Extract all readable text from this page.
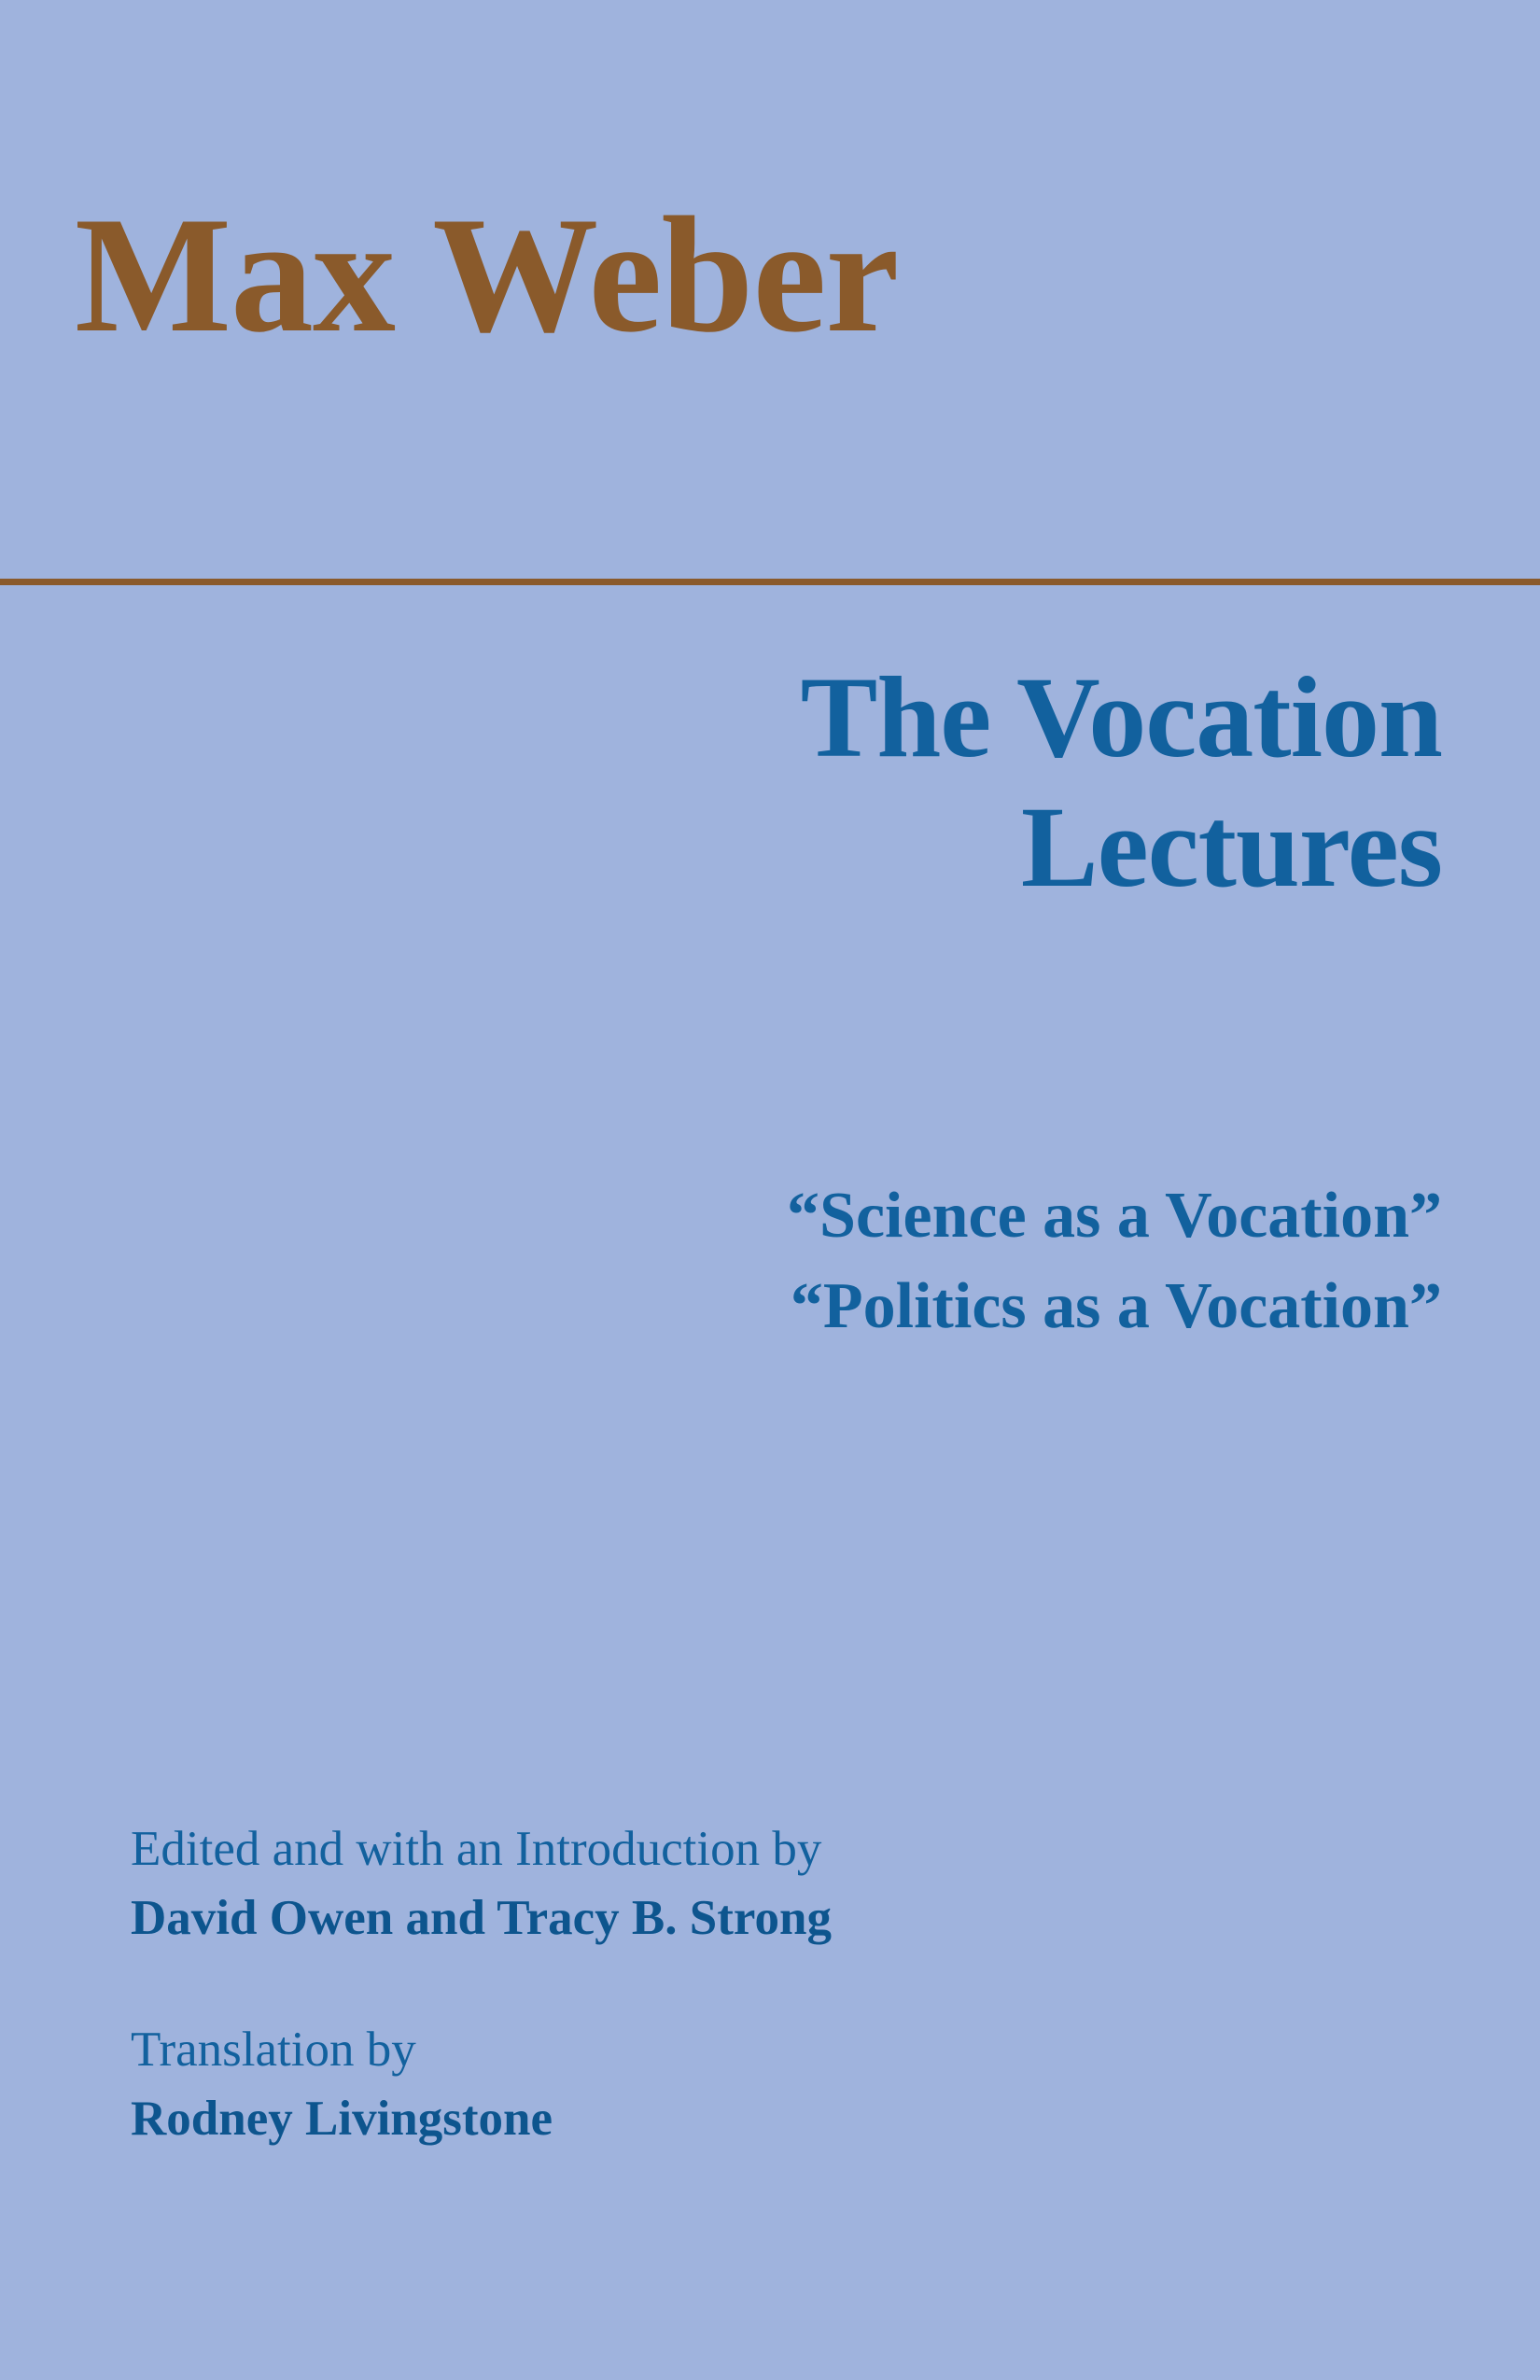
Max Weber
The Vocation
Lectures

“Science as a Vocation”

“Politics as a Vocation”

Edited and with an Introduction by

David Owen and Tracy B. Strong

Translation by

Rodney Livingstone
